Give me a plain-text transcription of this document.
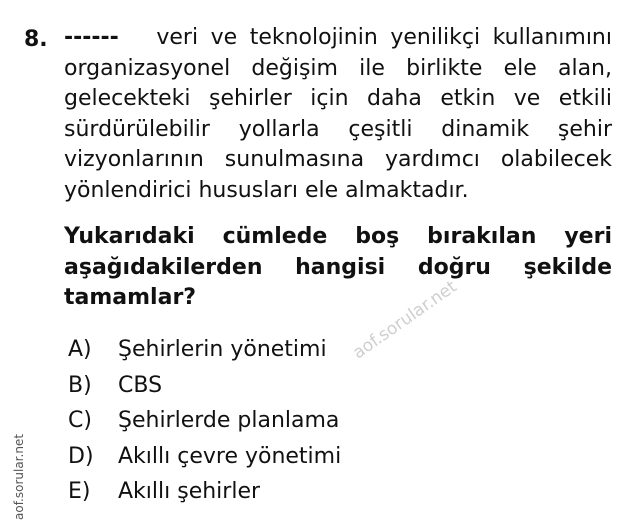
8. ------ veri ve teknolojinin yenilikçi kullanımını
organizasyonel değişim ile birlikte ele alan,
gelecekteki şehirler için daha etkin ve etkili
sürdürülebilir yollarla çeşitli dinamik şehir
vizyonlarının sunulmasına yardımcı olabilecek
yönlendirici hususları ele almaktadır.
Yukarıdaki cümlede boş bırakılan yeri
aşağıdakilerden hangisi doğru şekilde
tamamlar?
A)	Şehirlerin yönetimi
B)	CBS
C)	Şehirlerde planlama
D)	Akıllı çevre yönetimi
E)	Akıllı şehirler
aof.sorular.net
aof.sorular.net
